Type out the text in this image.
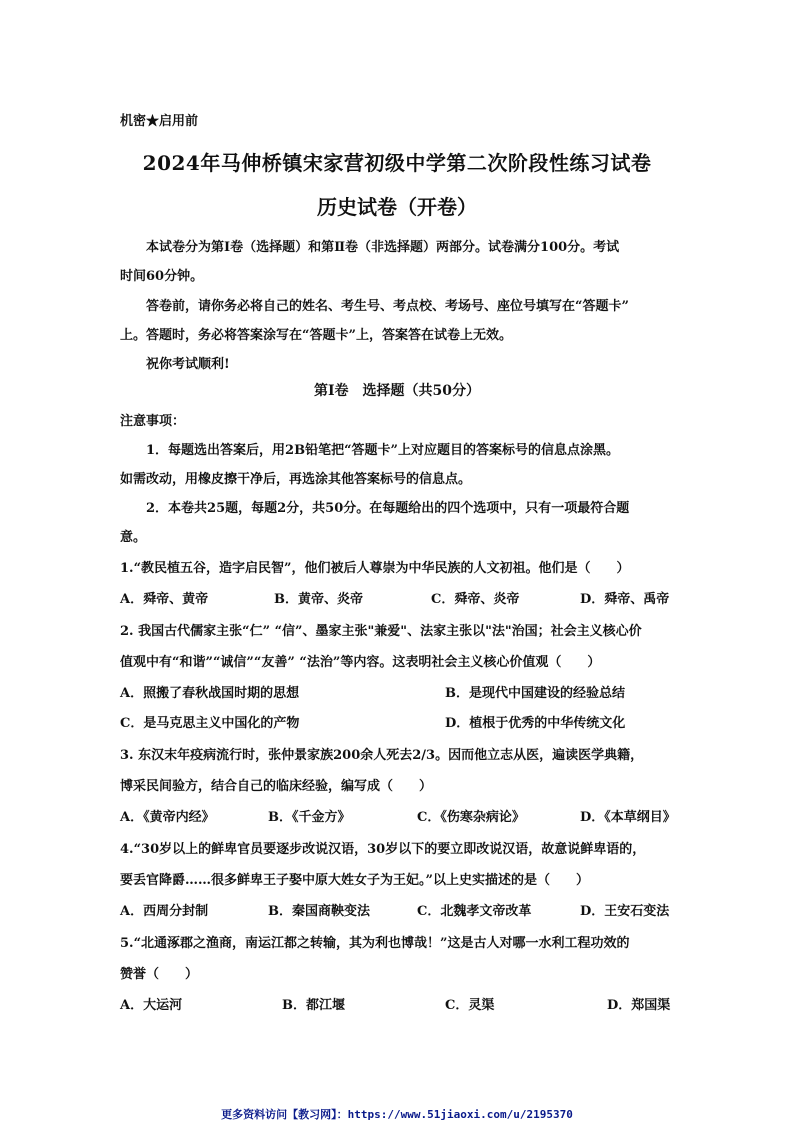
机密★启用前
2024年马伸桥镇宋家营初级中学第二次阶段性练习试卷
历史试卷（开卷）
本试卷分为第Ⅰ卷（选择题）和第Ⅱ卷（非选择题）两部分。试卷满分100分。考试
时间60分钟。
答卷前，请你务必将自己的姓名、考生号、考点校、考场号、座位号填写在“答题卡”
上。答题时，务必将答案涂写在“答题卡”上，答案答在试卷上无效。
祝你考试顺利!
第Ⅰ卷　选择题（共50分）
注意事项：
1．每题选出答案后，用2B铅笔把“答题卡”上对应题目的答案标号的信息点涂黑。
如需改动，用橡皮擦干净后，再选涂其他答案标号的信息点。
2．本卷共25题，每题2分，共50分。在每题给出的四个选项中，只有一项最符合题
意。
1.“教民植五谷，造字启民智”，他们被后人尊崇为中华民族的人文初祖。他们是（　　）
A．舜帝、黄帝	B．黄帝、炎帝	C．舜帝、炎帝	D．舜帝、禹帝
2. 我国古代儒家主张“仁” “信”、墨家主张"兼爱"、法家主张以"法"治国；社会主义核心价
值观中有“和谐”“诚信”“友善” “法治”等内容。这表明社会主义核心价值观（　　）
A．照搬了春秋战国时期的思想	B．是现代中国建设的经验总结
C．是马克思主义中国化的产物	D．植根于优秀的中华传统文化
3. 东汉末年疫病流行时，张仲景家族200余人死去2/3。因而他立志从医，遍读医学典籍，
博采民间验方，结合自己的临床经验，编写成（　　）
A．《黄帝内经》	B．《千金方》	C．《伤寒杂病论》	D．《本草纲目》
4.“30岁以上的鲜卑官员要逐步改说汉语，30岁以下的要立即改说汉语，故意说鲜卑语的，
要丢官降爵……很多鲜卑王子娶中原大姓女子为王妃。”以上史实描述的是（　　）
A．西周分封制	B．秦国商鞅变法	C．北魏孝文帝改革	D．王安石变法
5.“北通涿郡之渔商，南运江都之转输，其为利也博哉！”这是古人对哪一水利工程功效的
赞誉（　　）
A．大运河	B．都江堰	C．灵渠	D．郑国渠
更多资料访问【教习网】：https://www.51jiaoxi.com/u/2195370
